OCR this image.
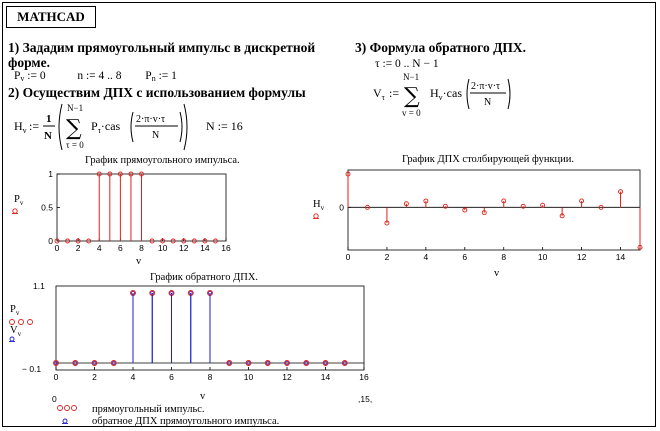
MATHCAD
1) Зададим прямоугольный импульс в дискретной
форме.
$P_v$ := 0	n := 4 .. 8 $P_n$ := 1
2) Осуществим ДПХ с использованием формулы
3) Формула обратного ДПХ.
τ := 0 .. N − 1
$H_v$ := 1
N
N−1
∑
τ = 0
$P_\tau\cdot cas$ 2·π·v·τ
N
N := 16
$V_\tau$ :=
N−1
∑
v = 0
$H_v\cdot cas$ 2·π·v·τ
N
График прямоугольного импульса.
$P_v$
v
0 2 4 6 8 10 12 14 16
0
0.5
1
График ДПХ столбирующей функции.
$H_v$
v
0	2	4	6	8	10	12	14
0
График обратного ДПХ.
$P_v$
$V_v$
1.1
− 0.1
v
0	,15,
0	2	4	6	8	10	12	14	16
прямоугольный импульс.
обратное ДПХ прямоугольного импульса.
